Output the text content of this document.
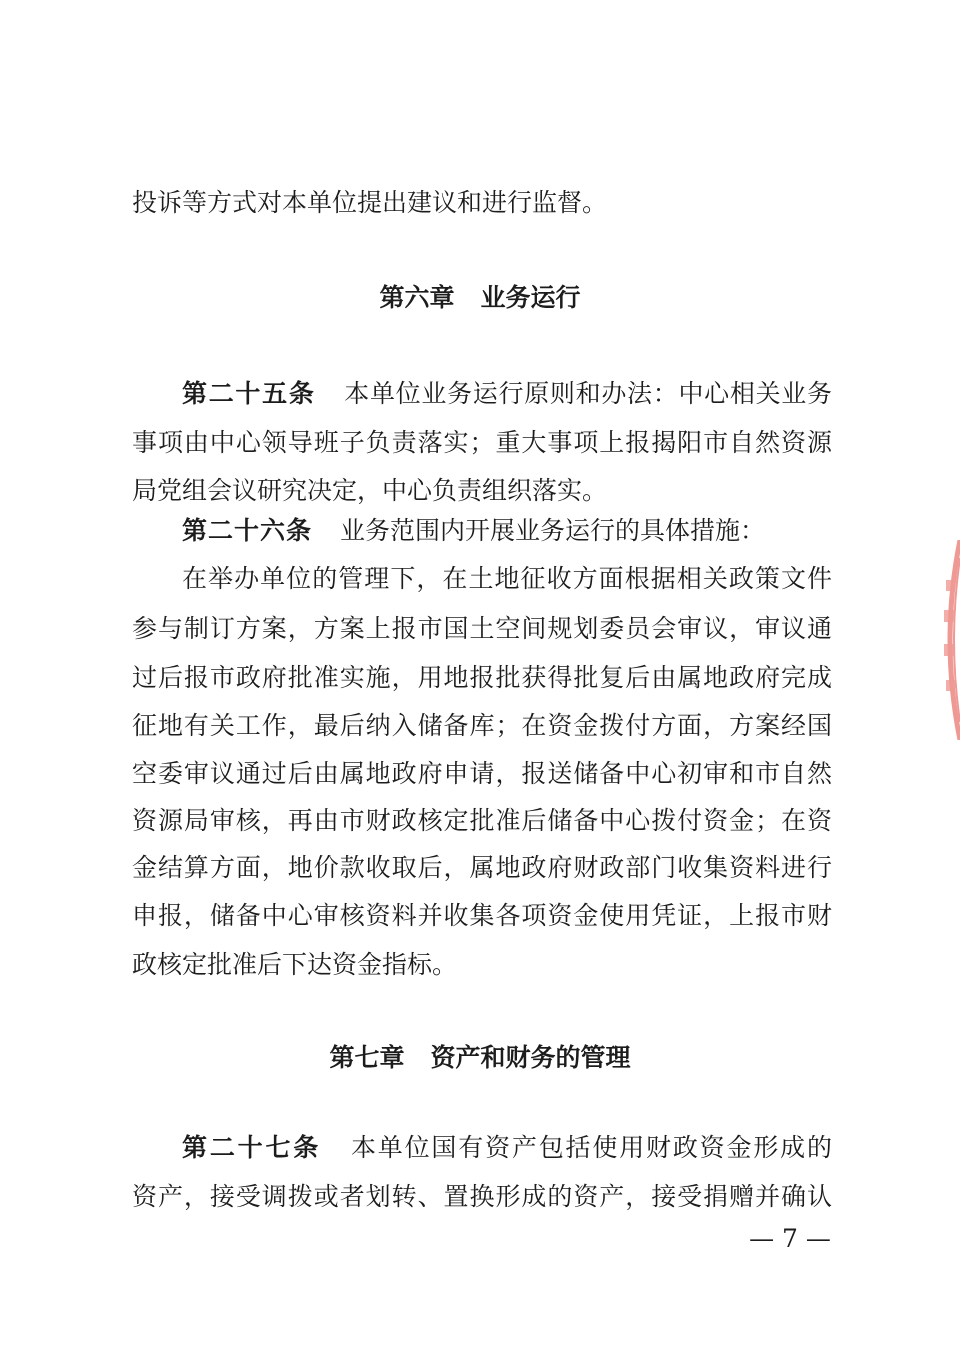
投诉等方式对本单位提出建议和进行监督。
第六章 业务运行
第二十五条 本单位业务运行原则和办法：中心相关业务
事项由中心领导班子负责落实；重大事项上报揭阳市自然资源
局党组会议研究决定，中心负责组织落实。
第二十六条 业务范围内开展业务运行的具体措施：
在举办单位的管理下，在土地征收方面根据相关政策文件
参与制订方案，方案上报市国土空间规划委员会审议，审议通
过后报市政府批准实施，用地报批获得批复后由属地政府完成
征地有关工作，最后纳入储备库；在资金拨付方面，方案经国
空委审议通过后由属地政府申请，报送储备中心初审和市自然
资源局审核，再由市财政核定批准后储备中心拨付资金；在资
金结算方面，地价款收取后，属地政府财政部门收集资料进行
申报，储备中心审核资料并收集各项资金使用凭证，上报市财
政核定批准后下达资金指标。
第七章 资产和财务的管理
第二十七条 本单位国有资产包括使用财政资金形成的
资产，接受调拨或者划转、置换形成的资产，接受捐赠并确认
— 7 —
